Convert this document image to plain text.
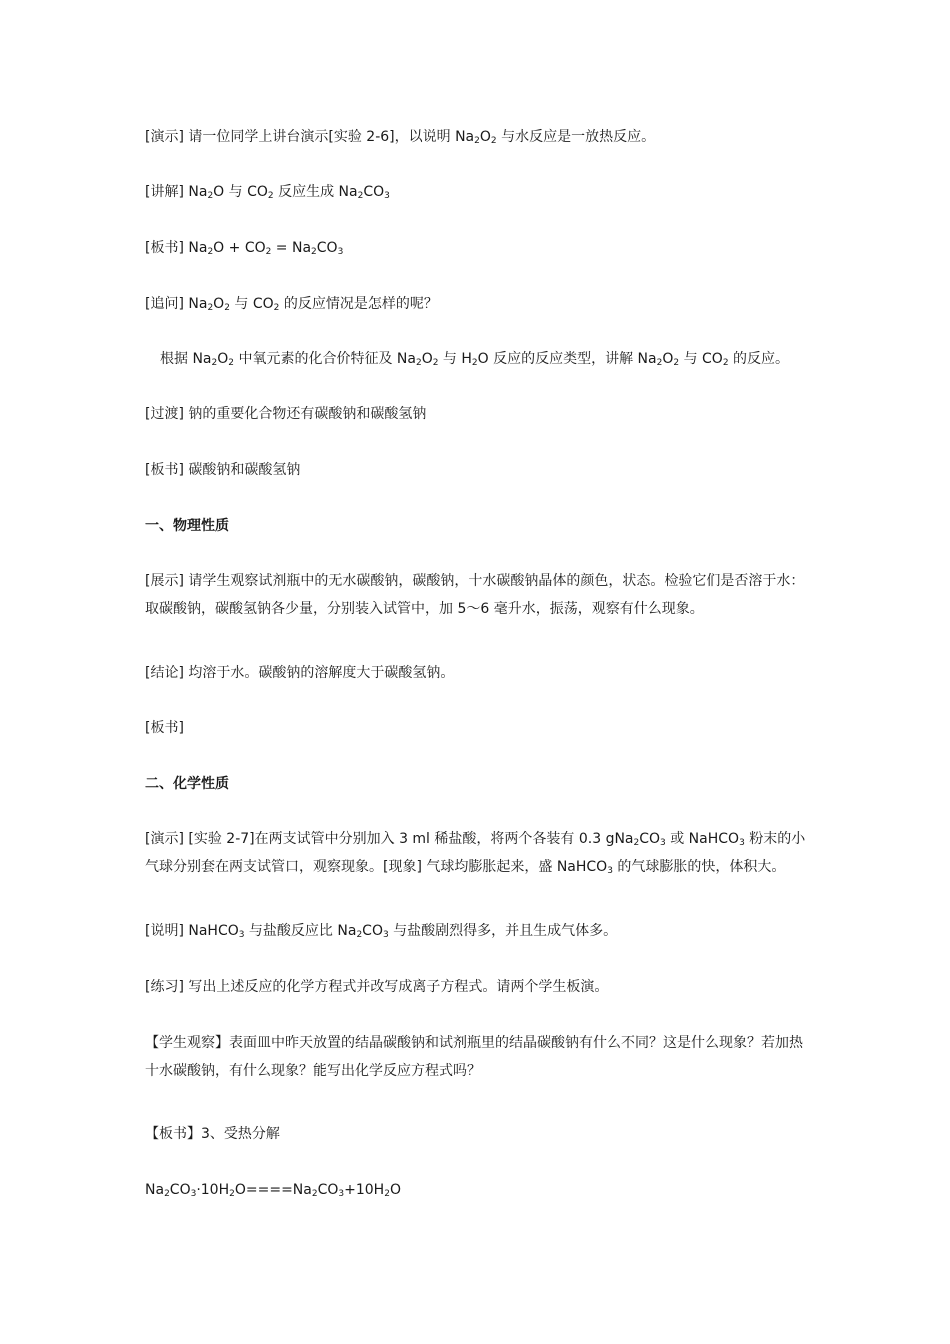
[演示] 请一位同学上讲台演示[实验 2-6]，以说明 $Na_2O_2$ 与水反应是一放热反应。

[讲解] $Na_2O$ 与 $CO_2$ 反应生成 $Na_2CO_3$

[板书] $Na_2O + CO_2 = Na_2CO_3$

[追问] $Na_2O_2$ 与 $CO_2$ 的反应情况是怎样的呢？

根据 $Na_2O_2$ 中氧元素的化合价特征及 $Na_2O_2$ 与 $H_2O$ 反应的反应类型，讲解 $Na_2O_2$ 与 $CO_2$ 的反应。

[过渡] 钠的重要化合物还有碳酸钠和碳酸氢钠

[板书] 碳酸钠和碳酸氢钠

一、物理性质

[展示] 请学生观察试剂瓶中的无水碳酸钠，碳酸钠，十水碳酸钠晶体的颜色，状态。检验它们是否溶于水：取碳酸钠，碳酸氢钠各少量，分别装入试管中，加 5～6 毫升水，振荡，观察有什么现象。

[结论] 均溶于水。碳酸钠的溶解度大于碳酸氢钠。

[板书]

二、化学性质

[演示] [实验 2-7]在两支试管中分别加入 3 ml 稀盐酸，将两个各装有 0.3 $gNa_2CO_3$ 或 NaHCO$_3$ 粉末的小气球分别套在两支试管口，观察现象。[现象] 气球均膨胀起来，盛 NaHCO$_3$ 的气球膨胀的快，体积大。

[说明] NaHCO$_3$ 与盐酸反应比 $Na_2CO_3$ 与盐酸剧烈得多，并且生成气体多。

[练习] 写出上述反应的化学方程式并改写成离子方程式。请两个学生板演。

【学生观察】表面皿中昨天放置的结晶碳酸钠和试剂瓶里的结晶碳酸钠有什么不同？这是什么现象？若加热十水碳酸钠，有什么现象？能写出化学反应方程式吗？

【板书】3、受热分解

$Na_2CO_3\cdot 10H_2O====Na_2CO_3+10H_2O$
